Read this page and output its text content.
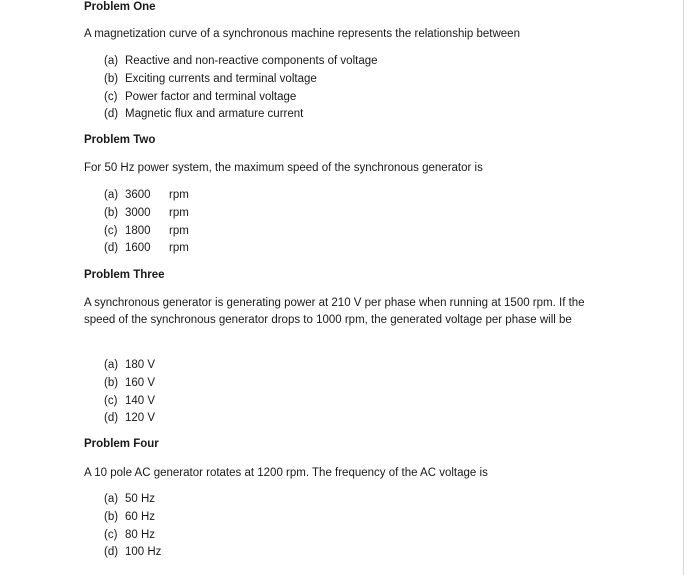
Problem One
A magnetization curve of a synchronous machine represents the relationship between
(a) Reactive and non-reactive components of voltage
(b) Exciting currents and terminal voltage
(c) Power factor and terminal voltage
(d) Magnetic flux and armature current
Problem Two
For 50 Hz power system, the maximum speed of the synchronous generator is
(a) 3600 rpm
(b) 3000 rpm
(c) 1800 rpm
(d) 1600 rpm
Problem Three
A synchronous generator is generating power at 210 V per phase when running at 1500 rpm. If the speed of the synchronous generator drops to 1000 rpm, the generated voltage per phase will be
(a) 180 V
(b) 160 V
(c) 140 V
(d) 120 V
Problem Four
A 10 pole AC generator rotates at 1200 rpm. The frequency of the AC voltage is
(a) 50 Hz
(b) 60 Hz
(c) 80 Hz
(d) 100 Hz
